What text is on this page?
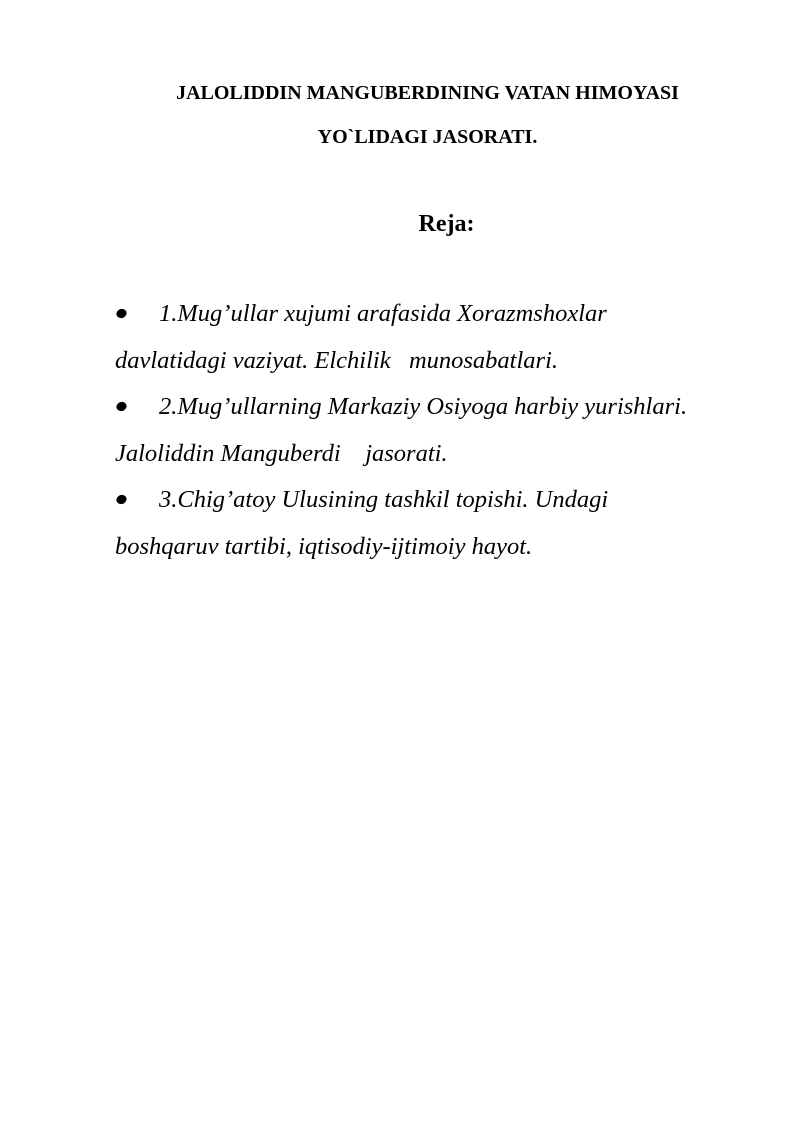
JALOLIDDIN MANGUBERDINING VATAN HIMOYASI
YO`LIDAGI JASORATI.
Reja:
1.Mug’ullar xujumi arafasida Xorazmshoxlar
davlatidagi vaziyat. Elchilik   munosabatlari.
2.Mug’ullarning Markaziy Osiyoga harbiy yurishlari.
Jaloliddin Manguberdi    jasorati.
3.Chig’atoy Ulusining tashkil topishi. Undagi
boshqaruv tartibi, iqtisodiy-ijtimoiy hayot.
